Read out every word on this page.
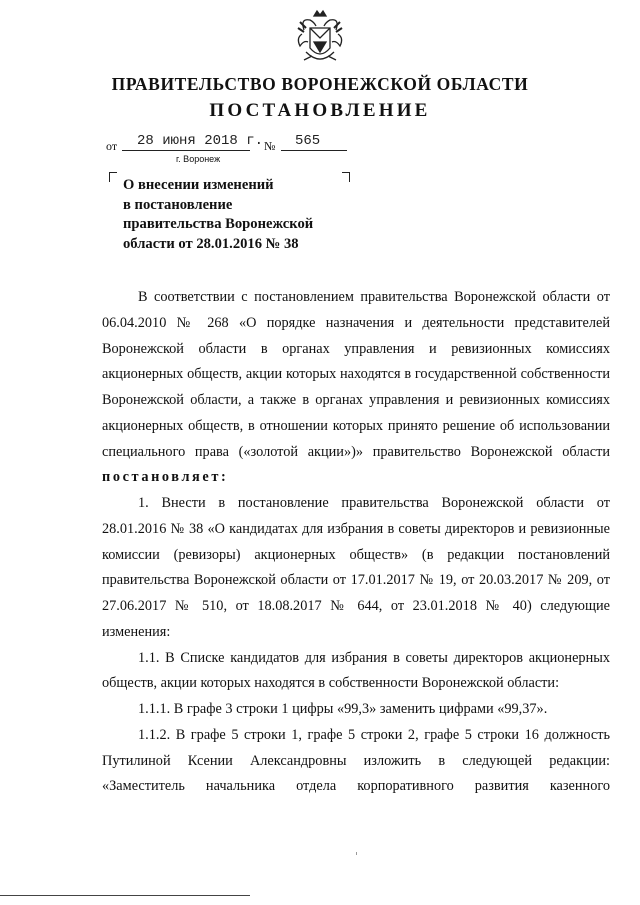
ПРАВИТЕЛЬСТВО ВОРОНЕЖСКОЙ ОБЛАСТИ
ПОСТАНОВЛЕНИЕ
от 28 июня 2018 г. № 565
г. Воронеж
О внесении изменений
в постановление
правительства Воронежской
области от 28.01.2016 № 38

В соответствии с постановлением правительства Воронежской области от 06.04.2010 № 268 «О порядке назначения и деятельности представителей Воронежской области в органах управления и ревизионных комиссиях акционерных обществ, акции которых находятся в государственной собственности Воронежской области, а также в органах управления и ревизионных комиссиях акционерных обществ, в отношении которых принято решение об использовании специального права («золотой акции»)» правительство Воронежской области постановляет:

1. Внести в постановление правительства Воронежской области от 28.01.2016 № 38 «О кандидатах для избрания в советы директоров и ревизионные комиссии (ревизоры) акционерных обществ» (в редакции постановлений правительства Воронежской области от 17.01.2017 № 19, от 20.03.2017 № 209, от 27.06.2017 № 510, от 18.08.2017 № 644, от 23.01.2018 № 40) следующие изменения:

1.1. В Списке кандидатов для избрания в советы директоров акционерных обществ, акции которых находятся в собственности Воронежской области:

1.1.1. В графе 3 строки 1 цифры «99,3» заменить цифрами «99,37».

1.1.2. В графе 5 строки 1, графе 5 строки 2, графе 5 строки 16 должность Путилиной Ксении Александровны изложить в следующей редакции: «Заместитель начальника отдела корпоративного развития казенного
